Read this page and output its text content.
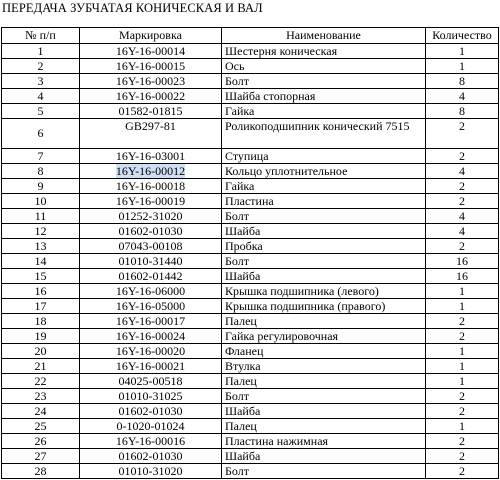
ПЕРЕДАЧА ЗУБЧАТАЯ КОНИЧЕСКАЯ И ВАЛ
№ п/п	Маркировка	Наименование	Количество
1	16Y-16-00014	Шестерня коническая	1
2	16Y-16-00015	Ось	1
3	16Y-16-00023	Болт	8
4	16Y-16-00022	Шайба стопорная	4
5	01582-01815	Гайка	8
6	GB297-81	Роликоподшипник конический 7515	2
7	16Y-16-03001	Ступица	2
8	16Y-16-00012	Кольцо уплотнительное	4
9	16Y-16-00018	Гайка	2
10	16Y-16-00019	Пластина	2
11	01252-31020	Болт	4
12	01602-01030	Шайба	4
13	07043-00108	Пробка	2
14	01010-31440	Болт	16
15	01602-01442	Шайба	16
16	16Y-16-06000	Крышка подшипника (левого)	1
17	16Y-16-05000	Крышка подшипника (правого)	1
18	16Y-16-00017	Палец	2
19	16Y-16-00024	Гайка регулировочная	2
20	16Y-16-00020	Фланец	1
21	16Y-16-00021	Втулка	1
22	04025-00518	Палец	1
23	01010-31025	Болт	2
24	01602-01030	Шайба	2
25	0-1020-01024	Палец	1
26	16Y-16-00016	Пластина нажимная	2
27	01602-01030	Шайба	2
28	01010-31020	Болт	2
